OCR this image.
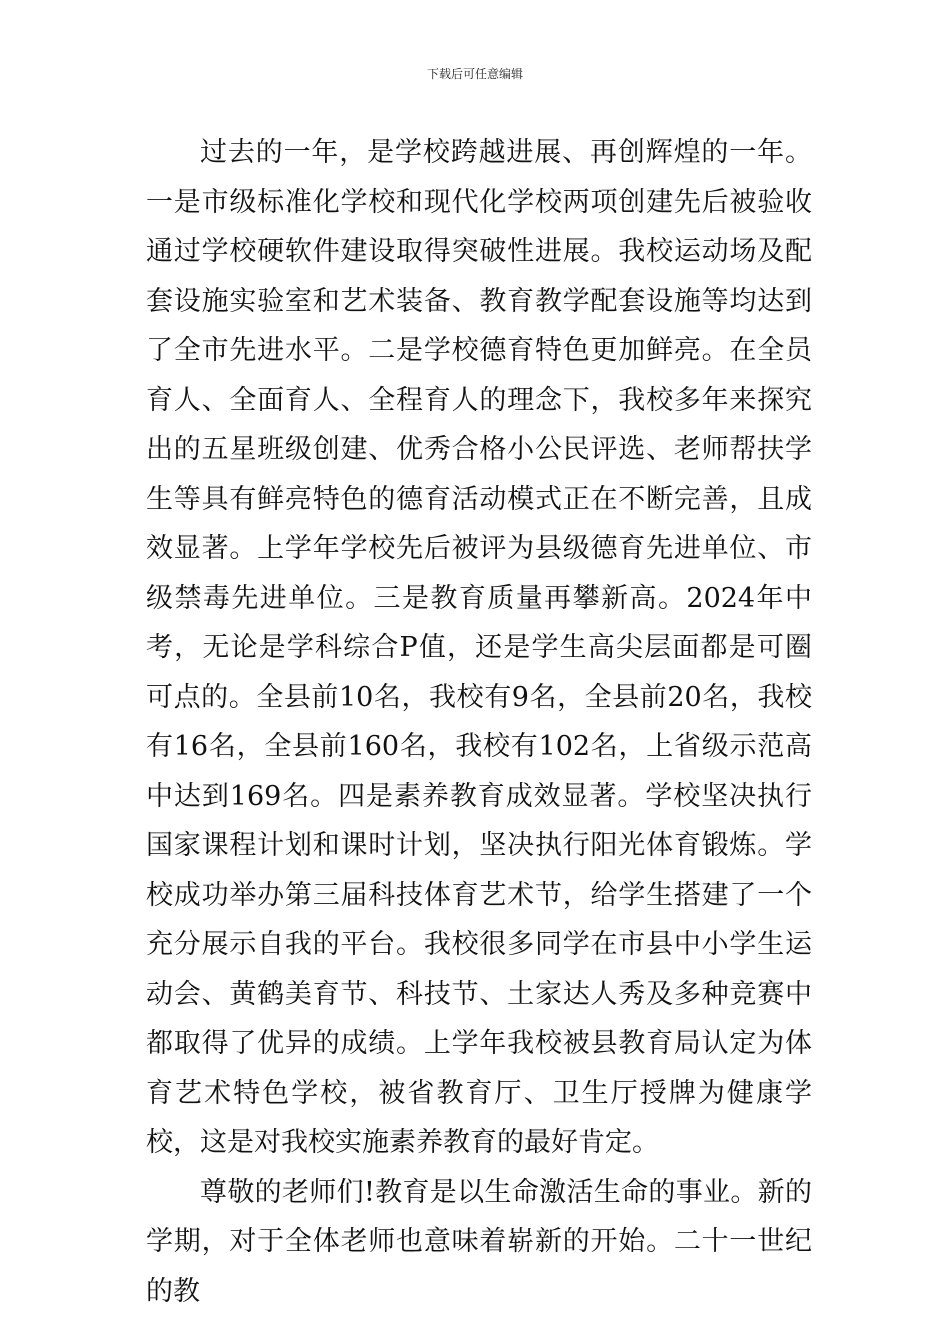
下载后可任意编辑

过去的一年，是学校跨越进展、再创辉煌的一年。一是市级标准化学校和现代化学校两项创建先后被验收通过学校硬软件建设取得突破性进展。我校运动场及配套设施实验室和艺术装备、教育教学配套设施等均达到了全市先进水平。二是学校德育特色更加鲜亮。在全员育人、全面育人、全程育人的理念下，我校多年来探究出的五星班级创建、优秀合格小公民评选、老师帮扶学生等具有鲜亮特色的德育活动模式正在不断完善，且成效显著。上学年学校先后被评为县级德育先进单位、市级禁毒先进单位。三是教育质量再攀新高。2024年中考，无论是学科综合P值，还是学生高尖层面都是可圈可点的。全县前10名，我校有9名，全县前20名，我校有16名，全县前160名，我校有102名，上省级示范高中达到169名。四是素养教育成效显著。学校坚决执行国家课程计划和课时计划，坚决执行阳光体育锻炼。学校成功举办第三届科技体育艺术节，给学生搭建了一个充分展示自我的平台。我校很多同学在市县中小学生运动会、黄鹤美育节、科技节、土家达人秀及多种竞赛中都取得了优异的成绩。上学年我校被县教育局认定为体育艺术特色学校，被省教育厅、卫生厅授牌为健康学校，这是对我校实施素养教育的最好肯定。

尊敬的老师们!教育是以生命激活生命的事业。新的学期，对于全体老师也意味着崭新的开始。二十一世纪的教
